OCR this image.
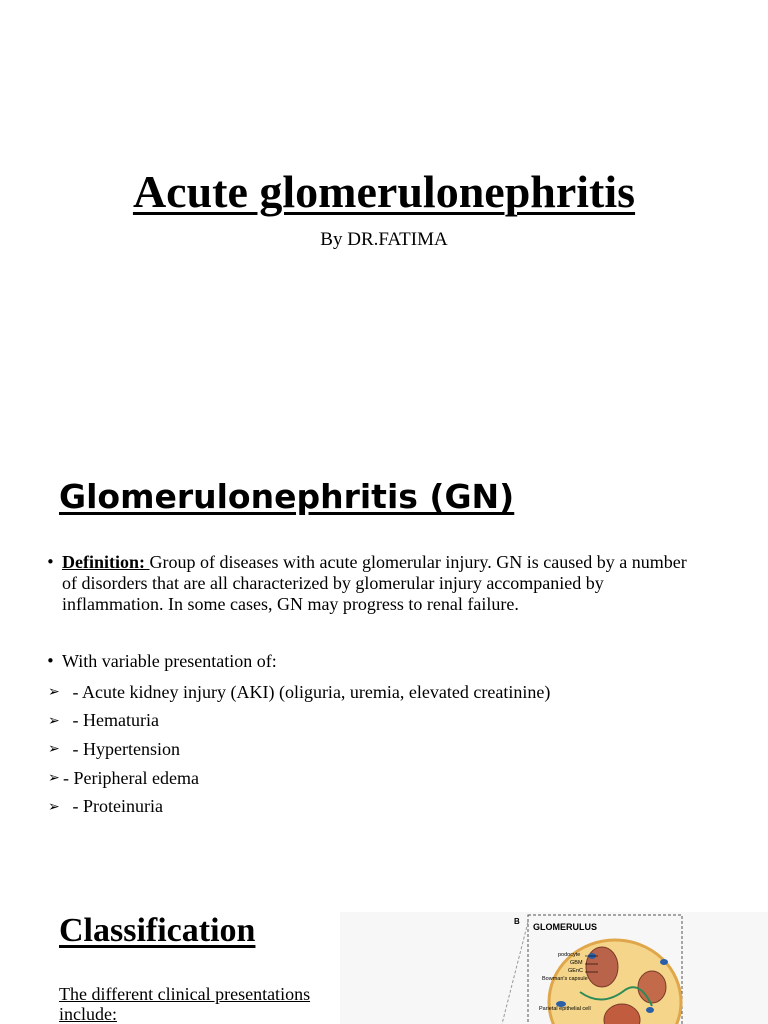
Acute glomerulonephritis
By DR.FATIMA
Glomerulonephritis (GN)
• Definition: Group of diseases with acute glomerular injury. GN is caused by a number of disorders that are all characterized by glomerular injury accompanied by inflammation. In some cases, GN may progress to renal failure.
• With variable presentation of:
➢ - Acute kidney injury (AKI) (oliguria, uremia, elevated creatinine)
➢ - Hematuria
➢ - Hypertension
➢ - Peripheral edema
➢ - Proteinuria
Classification
The different clinical presentations include:
B
GLOMERULUS
podocyte
GBM
GEnC
Bowman's capsule
Parietal epithelial cell
